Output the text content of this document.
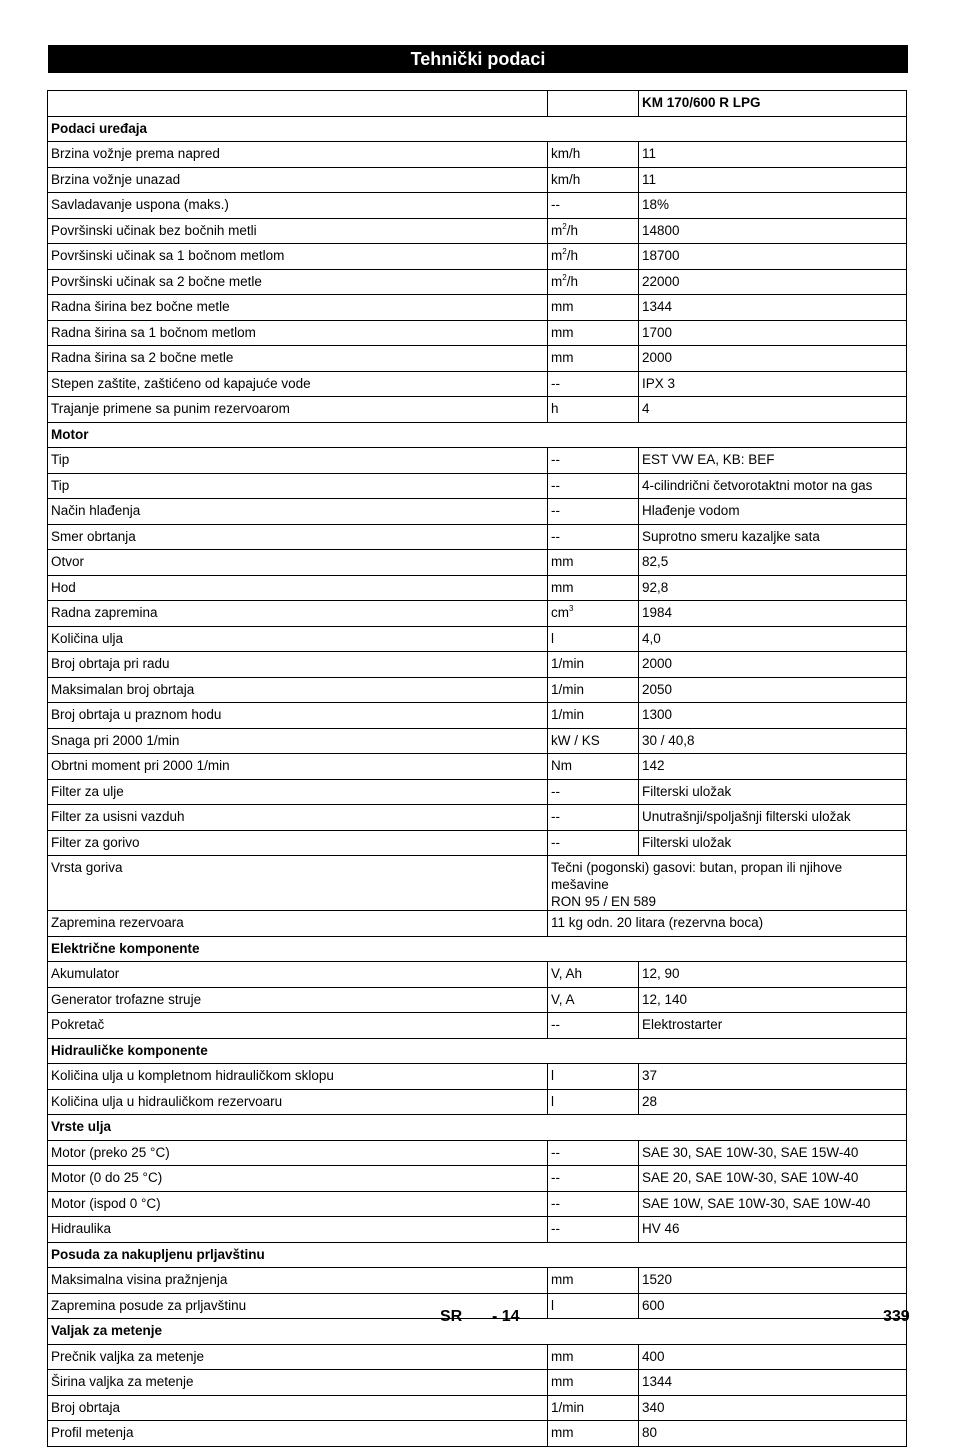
Tehnički podaci
		KM 170/600 R LPG
Podaci uređaja		
Brzina vožnje prema napred	km/h	11
Brzina vožnje unazad	km/h	11
Savladavanje uspona (maks.)	--	18%
Površinski učinak bez bočnih metli	$m^2/h$	14800
Površinski učinak sa 1 bočnom metlom	$m^2/h$	18700
Površinski učinak sa 2 bočne metle	$m^2/h$	22000
Radna širina bez bočne metle	mm	1344
Radna širina sa 1 bočnom metlom	mm	1700
Radna širina sa 2 bočne metle	mm	2000
Stepen zaštite, zaštićeno od kapajuće vode	--	IPX 3
Trajanje primene sa punim rezervoarom	h	4
Motor		
Tip	--	EST VW EA, KB: BEF
Tip	--	4-cilindrični četvorotaktni motor na gas
Način hlađenja	--	Hlađenje vodom
Smer obrtanja	--	Suprotno smeru kazaljke sata
Otvor	mm	82,5
Hod	mm	92,8
Radna zapremina	$cm^3$	1984
Količina ulja	l	4,0
Broj obrtaja pri radu	1/min	2000
Maksimalan broj obrtaja	1/min	2050
Broj obrtaja u praznom hodu	1/min	1300
Snaga pri 2000 1/min	kW / KS	30 / 40,8
Obrtni moment pri 2000 1/min	Nm	142
Filter za ulje	--	Filterski uložak
Filter za usisni vazduh	--	Unutrašnji/spoljašnji filterski uložak
Filter za gorivo	--	Filterski uložak
Vrsta goriva	Tečni (pogonski) gasovi: butan, propan ili njihove
mešavine
RON 95 / EN 589	
Zapremina rezervoara	11 kg odn. 20 litara (rezervna boca)	
Električne komponente		
Akumulator	V, Ah	12, 90
Generator trofazne struje	V, A	12, 140
Pokretač	--	Elektrostarter
Hidrauličke komponente		
Količina ulja u kompletnom hidrauličkom sklopu	l	37
Količina ulja u hidrauličkom rezervoaru	l	28
Vrste ulja		
Motor (preko 25 °C)	--	SAE 30, SAE 10W-30, SAE 15W-40
Motor (0 do 25 °C)	--	SAE 20, SAE 10W-30, SAE 10W-40
Motor (ispod 0 °C)	--	SAE 10W, SAE 10W-30, SAE 10W-40
Hidraulika	--	HV 46
Posuda za nakupljenu prljavštinu		
Maksimalna visina pražnjenja	mm	1520
Zapremina posude za prljavštinu	l	600
Valjak za metenje		
Prečnik valjka za metenje	mm	400
Širina valjka za metenje	mm	1344
Broj obrtaja	1/min	340
Profil metenja	mm	80
SR - 14	339
